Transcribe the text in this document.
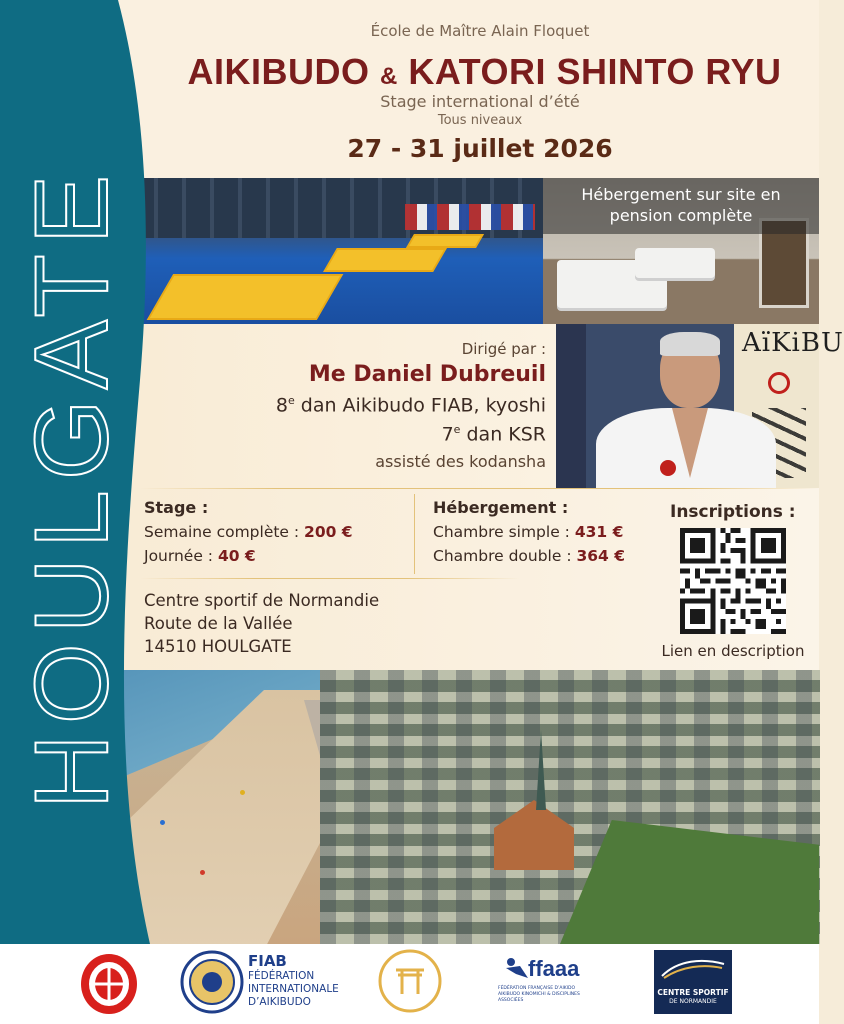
Hébergement sur site en pension complète
AïKiBU
HOULGATE
École de Maître Alain Floquet
AIKIBUDO & KATORI SHINTO RYU
Stage international d’été
Tous niveaux
27 - 31 juillet 2026
Dirigé par :
Me Daniel Dubreuil
8e dan Aikibudo FIAB, kyoshi
7e dan KSR
assisté des kodansha
Stage :
Semaine complète : 200 €
Journée : 40 €
Hébergement :
Chambre simple : 431 €
Chambre double : 364 €
Inscriptions :
Lien en description
Centre sportif de Normandie
Route de la Vallée
14510 HOULGATE
FIAB
FÉDÉRATION
INTERNATIONALE
D’AIKIBUDO
ffaaa
FÉDÉRATION FRANÇAISE D’AIKIDO
AIKIBUDO KINOMICHI & DISCIPLINES ASSOCIÉES
CENTRE SPORTIF
DE NORMANDIE
